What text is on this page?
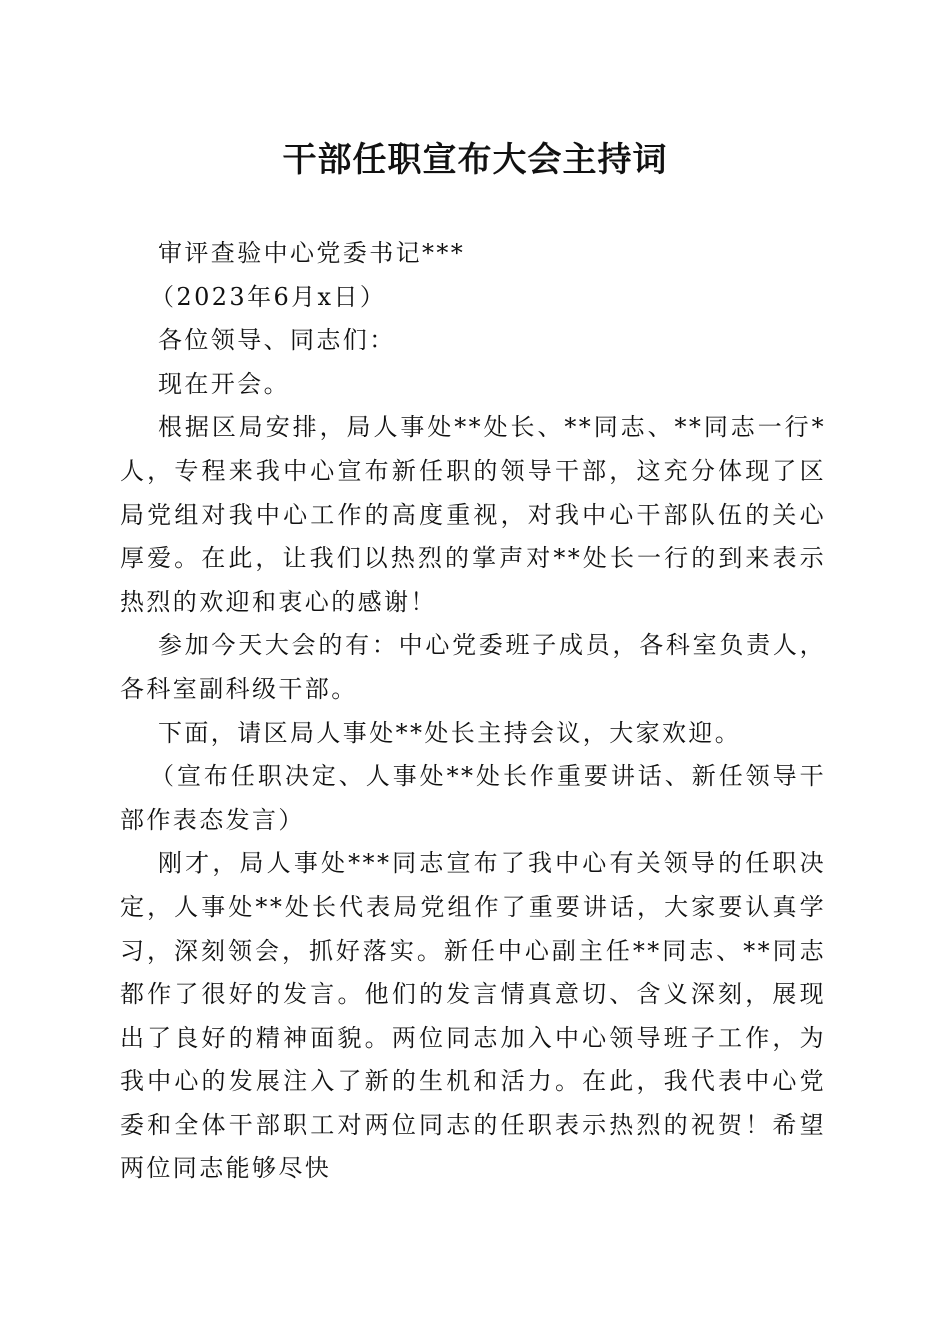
干部任职宣布大会主持词

审评查验中心党委书记***

（2023年6月x日）

各位领导、同志们：

现在开会。

根据区局安排，局人事处**处长、**同志、**同志一行*人，专程来我中心宣布新任职的领导干部，这充分体现了区局党组对我中心工作的高度重视，对我中心干部队伍的关心厚爱。在此，让我们以热烈的掌声对**处长一行的到来表示热烈的欢迎和衷心的感谢！

参加今天大会的有：中心党委班子成员，各科室负责人，各科室副科级干部。

下面，请区局人事处**处长主持会议，大家欢迎。

（宣布任职决定、人事处**处长作重要讲话、新任领导干部作表态发言）

刚才，局人事处***同志宣布了我中心有关领导的任职决定，人事处**处长代表局党组作了重要讲话，大家要认真学习，深刻领会，抓好落实。新任中心副主任**同志、**同志都作了很好的发言。他们的发言情真意切、含义深刻，展现出了良好的精神面貌。两位同志加入中心领导班子工作，为我中心的发展注入了新的生机和活力。在此，我代表中心党委和全体干部职工对两位同志的任职表示热烈的祝贺！希望两位同志能够尽快
